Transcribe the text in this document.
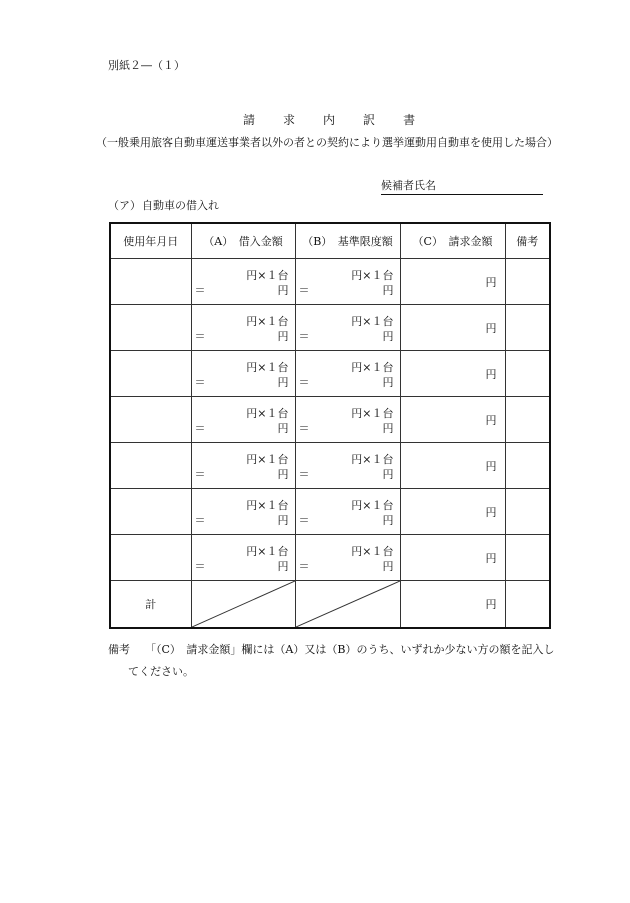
別紙２―（１）
請 求 内 訳 書
（一般乗用旅客自動車運送事業者以外の者との契約により選挙運動用自動車を使用した場合）
候補者氏名
（ア）自動車の借入れ
使用年月日	（A）　借入金額	（B）　基準限度額	（C）　請求金額	備考

	円×１台
＝ 円	円×１台
＝ 円	円	

	円×１台
＝ 円	円×１台
＝ 円	円	

	円×１台
＝ 円	円×１台
＝ 円	円	

	円×１台
＝ 円	円×１台
＝ 円	円	

	円×１台
＝ 円	円×１台
＝ 円	円	

	円×１台
＝ 円	円×１台
＝ 円	円	

	円×１台
＝ 円	円×１台
＝ 円	円	

計			円	

備考 「（C）　請求金額」欄には（A）又は（B）のうち、いずれか少ない方の額を記入し
てください。
